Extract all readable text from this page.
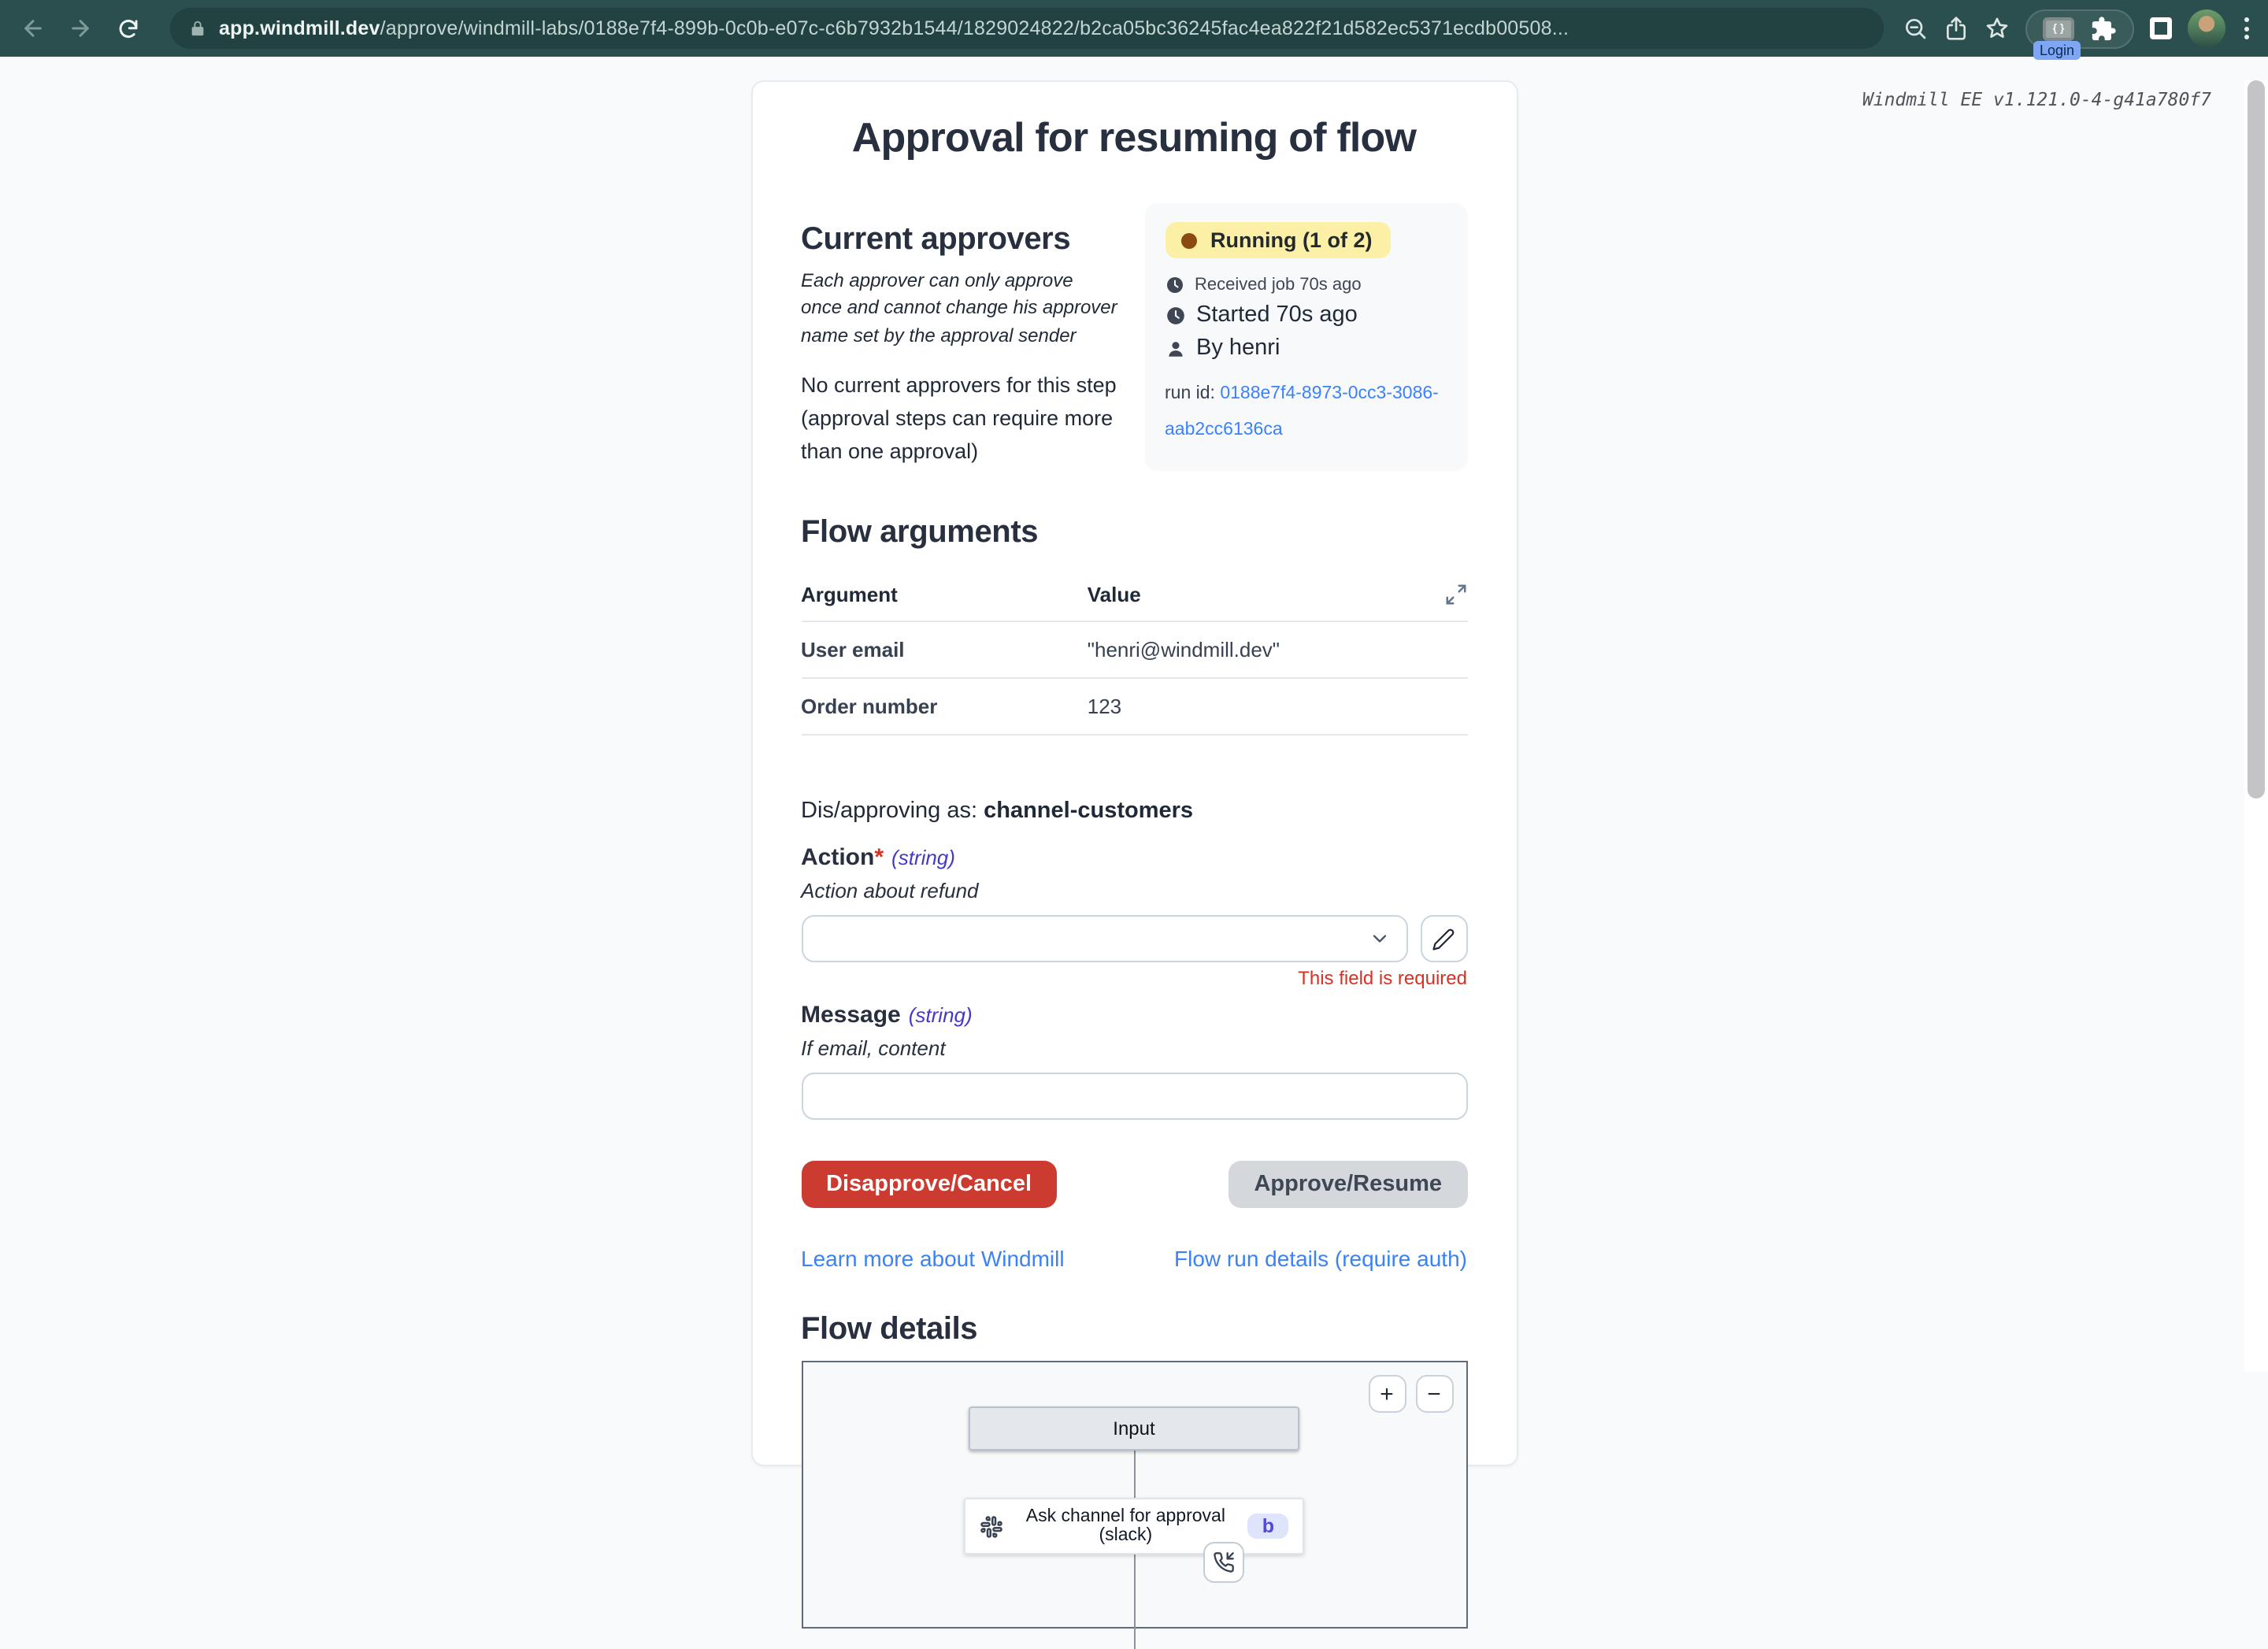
app.windmill.dev/approve/windmill-labs/0188e7f4-899b-0c0b-e07c-c6b7932b1544/1829024822/b2ca05bc36245fac4ea822f21d582ec5371ecdb00508...	{ }
Login
Windmill EE v1.121.0-4-g41a780f7
Approval for resuming of flow
Current approvers
Each approver can only approve once and cannot change his approver name set by the approval sender
No current approvers for this step (approval steps can require more than one approval)
Running (1 of 2)
Received job 70s ago
Started 70s ago
By henri
run id: 0188e7f4-8973-0cc3-3086-aab2cc6136ca
Flow arguments
Argument	Value	

User email	"henri@windmill.dev"	
Order number	123	
Dis/approving as: channel-customers
Action* (string)
Action about refund
This field is required
Message (string)
If email, content
Disapprove/Cancel	Approve/Resume
Learn more about Windmill	Flow run details (require auth)
Flow details
+	−
Input
Ask channel for approval (slack)	b
